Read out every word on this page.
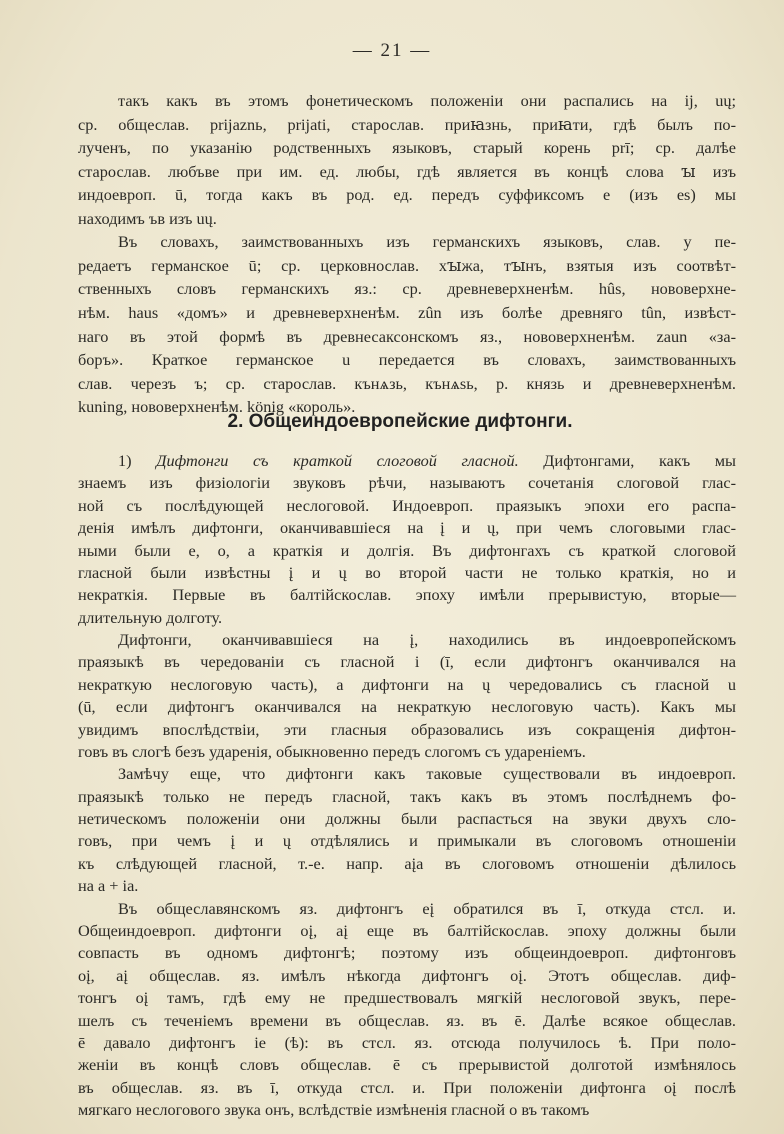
— 21 —
такъ какъ въ этомъ фонетическомъ положеніи они распались на ij, uų;
ср. общеслав. prijaznь, prijati, старослав. приꙗзнь, приꙗти, гдѣ былъ по-
лученъ, по указанію родственныхъ языковъ, старый корень prī; ср. далѣе
старослав. любъве при им. ед. любы, гдѣ является въ концѣ слова ꙑ изъ
индоевроп. ū, тогда какъ въ род. ед. передъ суффиксомъ e (изъ es) мы
находимъ ъв изъ uų.
Въ словахъ, заимствованныхъ изъ германскихъ языковъ, слав. у пе-
редаетъ германское ū; ср. церковнослав. хꙑжа, тꙑнъ, взятыя изъ соотвѣт-
ственныхъ словъ германскихъ яз.: ср. древневерхненѣм. hûs, нововерхне-
нѣм. haus «домъ» и древневерхненѣм. zûn изъ болѣе древняго tûn, извѣст-
наго въ этой формѣ въ древнесаксонскомъ яз., нововерхненѣм. zaun «за-
боръ». Краткое германское u передается въ словахъ, заимствованныхъ
слав. черезъ ъ; ср. старослав. кънѧзь, кънѧѕь, р. князь и древневерхненѣм.
kuning, нововерхненѣм. könig «король».
2. Общеиндоевропейские дифтонги.
1) Дифтонги съ краткой слоговой гласной. Дифтонгами, какъ мы
знаемъ изъ физіологіи звуковъ рѣчи, называютъ сочетанія слоговой глас-
ной съ послѣдующей неслоговой. Индоевроп. праязыкъ эпохи его распа-
денія имѣлъ дифтонги, оканчивавшіеся на į и ų, при чемъ слоговыми глас-
ными были e, o, a краткія и долгія. Въ дифтонгахъ съ краткой слоговой
гласной были извѣстны į и ų во второй части не только краткія, но и
некраткія. Первые въ балтійскослав. эпоху имѣли прерывистую, вторые—
длительную долготу.
Дифтонги, оканчивавшіеся на į, находились въ индоевропейскомъ
праязыкѣ въ чередованіи съ гласной i (ī, если дифтонгъ оканчивался на
некраткую неслоговую часть), а дифтонги на ų чередовались съ гласной u
(ū, если дифтонгъ оканчивался на некраткую неслоговую часть). Какъ мы
увидимъ впослѣдствіи, эти гласныя образовались изъ сокращенія дифтон-
говъ въ слогѣ безъ ударенія, обыкновенно передъ слогомъ съ удареніемъ.
Замѣчу еще, что дифтонги какъ таковые существовали въ индоевроп.
праязыкѣ только не передъ гласной, такъ какъ въ этомъ послѣднемъ фо-
нетическомъ положеніи они должны были распасться на звуки двухъ сло-
говъ, при чемъ į и ų отдѣлялись и примыкали въ слоговомъ отношеніи
къ слѣдующей гласной, т.-е. напр. aįa въ слоговомъ отношеніи дѣлилось
на a + ia.
Въ общеславянскомъ яз. дифтонгъ eį обратился въ ī, откуда стсл. и.
Общеиндоевроп. дифтонги oį, aį еще въ балтійскослав. эпоху должны были
совпасть въ одномъ дифтонгѣ; поэтому изъ общеиндоевроп. дифтонговъ
oį, aį общеслав. яз. имѣлъ нѣкогда дифтонгъ oį. Этотъ общеслав. диф-
тонгъ oį тамъ, гдѣ ему не предшествовалъ мягкій неслоговой звукъ, пере-
шелъ съ теченіемъ времени въ общеслав. яз. въ ē. Далѣе всякое общеслав.
ē давало дифтонгъ ie (ѣ): въ стсл. яз. отсюда получилось ѣ. При поло-
женіи въ концѣ словъ общеслав. ē съ прерывистой долготой измѣнялось
въ общеслав. яз. въ ī, откуда стсл. и. При положеніи дифтонга oį послѣ
мягкаго неслогового звука онъ, вслѣдствіе измѣненія гласной о въ такомъ
